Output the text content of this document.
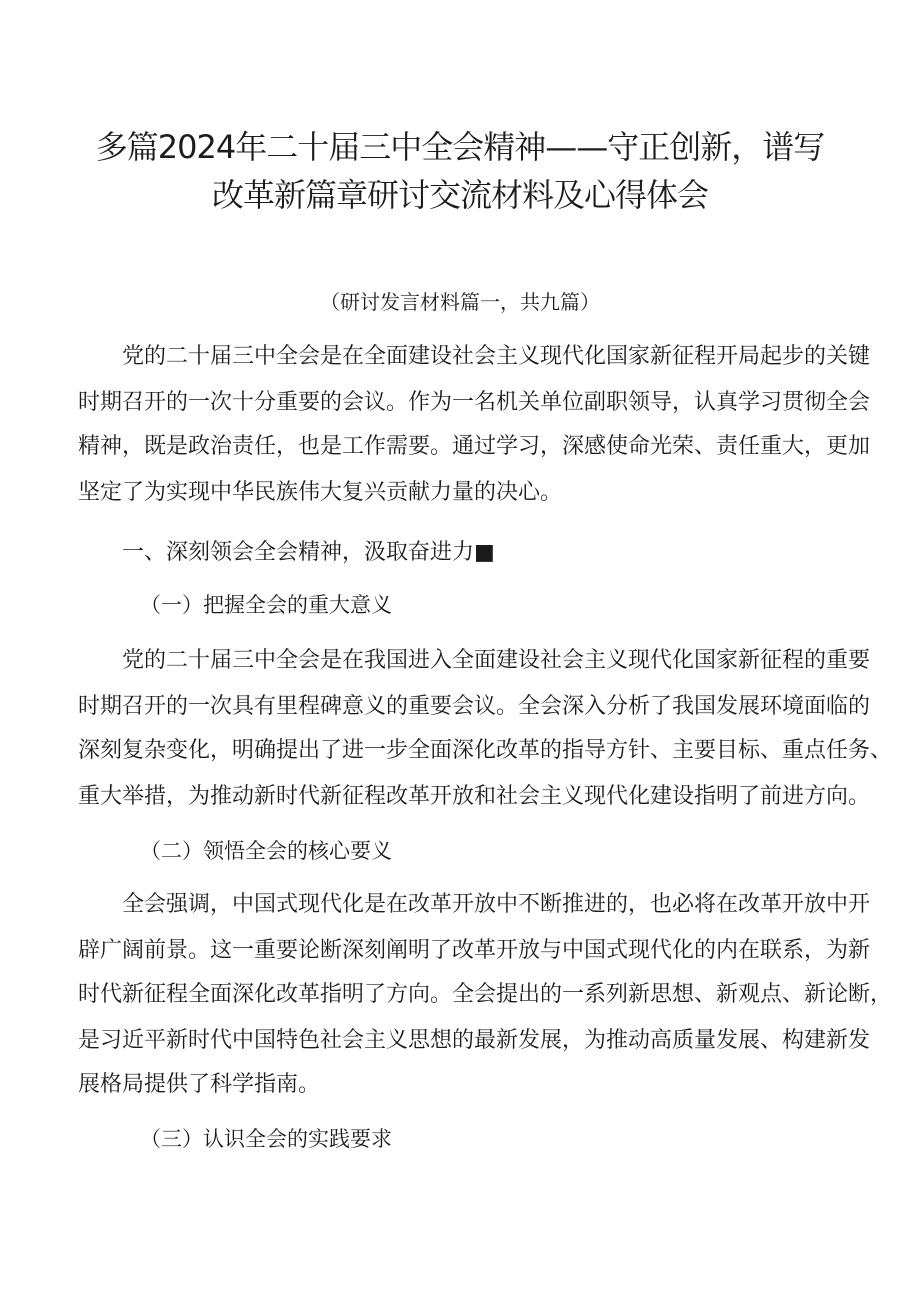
多篇2024年二十届三中全会精神——守正创新，谱写
改革新篇章研讨交流材料及心得体会
（研讨发言材料篇一，共九篇）
党的二十届三中全会是在全面建设社会主义现代化国家新征程开局起步的关键
时期召开的一次十分重要的会议。作为一名机关单位副职领导，认真学习贯彻全会
精神，既是政治责任，也是工作需要。通过学习，深感使命光荣、责任重大，更加
坚定了为实现中华民族伟大复兴贡献力量的决心。
一、深刻领会全会精神，汲取奋进力■
（一）把握全会的重大意义
党的二十届三中全会是在我国进入全面建设社会主义现代化国家新征程的重要
时期召开的一次具有里程碑意义的重要会议。全会深入分析了我国发展环境面临的
深刻复杂变化，明确提出了进一步全面深化改革的指导方针、主要目标、重点任务、
重大举措，为推动新时代新征程改革开放和社会主义现代化建设指明了前进方向。
（二）领悟全会的核心要义
全会强调，中国式现代化是在改革开放中不断推进的，也必将在改革开放中开
辟广阔前景。这一重要论断深刻阐明了改革开放与中国式现代化的内在联系，为新
时代新征程全面深化改革指明了方向。全会提出的一系列新思想、新观点、新论断，
是习近平新时代中国特色社会主义思想的最新发展，为推动高质量发展、构建新发
展格局提供了科学指南。
（三）认识全会的实践要求
